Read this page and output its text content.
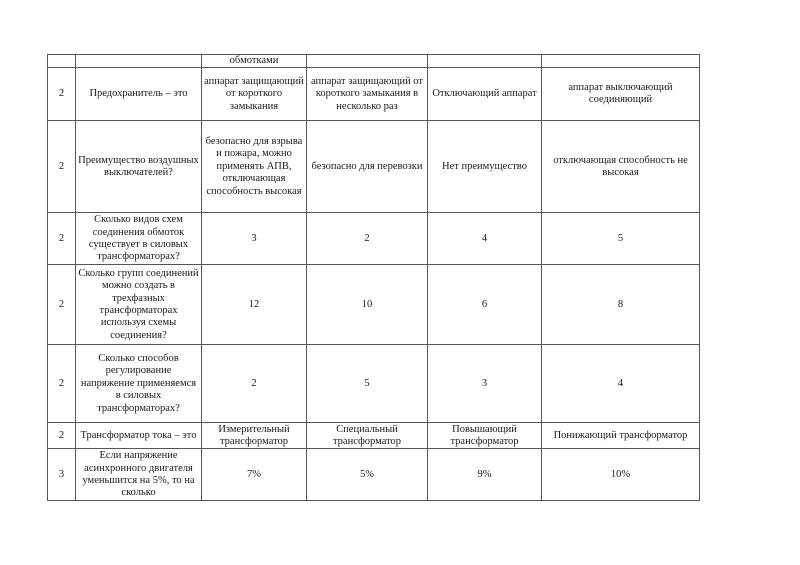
		обмотками			
2	Предохранитель – это	аппарат защищающий от короткого замыкания	аппарат защищающий от короткого замыкания в несколько раз	Отключающий аппарат	аппарат выключающий соединяющий
2	Преимущество воздушных выключателей?	безопасно для взрыва и пожара, можно применять АПВ, отключающая способность высокая	безопасно для перевозки	Нет преимущество	отключающая способность не высокая
2	Сколько видов схем соединения обмоток существует в силовых трансформаторах?	3	2	4	5
2	Сколько групп соединений можно создать в трехфазных трансформаторах используя схемы соединения?	12	10	6	8
2	Сколько способов регулирование напряжение применяемся в силовых трансформаторах?	2	5	3	4
2	Трансформатор тока – это	Измерительный трансформатор	Специальный трансформатор	Повышающий трансформатор	Понижающий трансформатор
3	Если напряжение асинхронного двигателя уменьшится на 5%, то на сколько	7%	5%	9%	10%
